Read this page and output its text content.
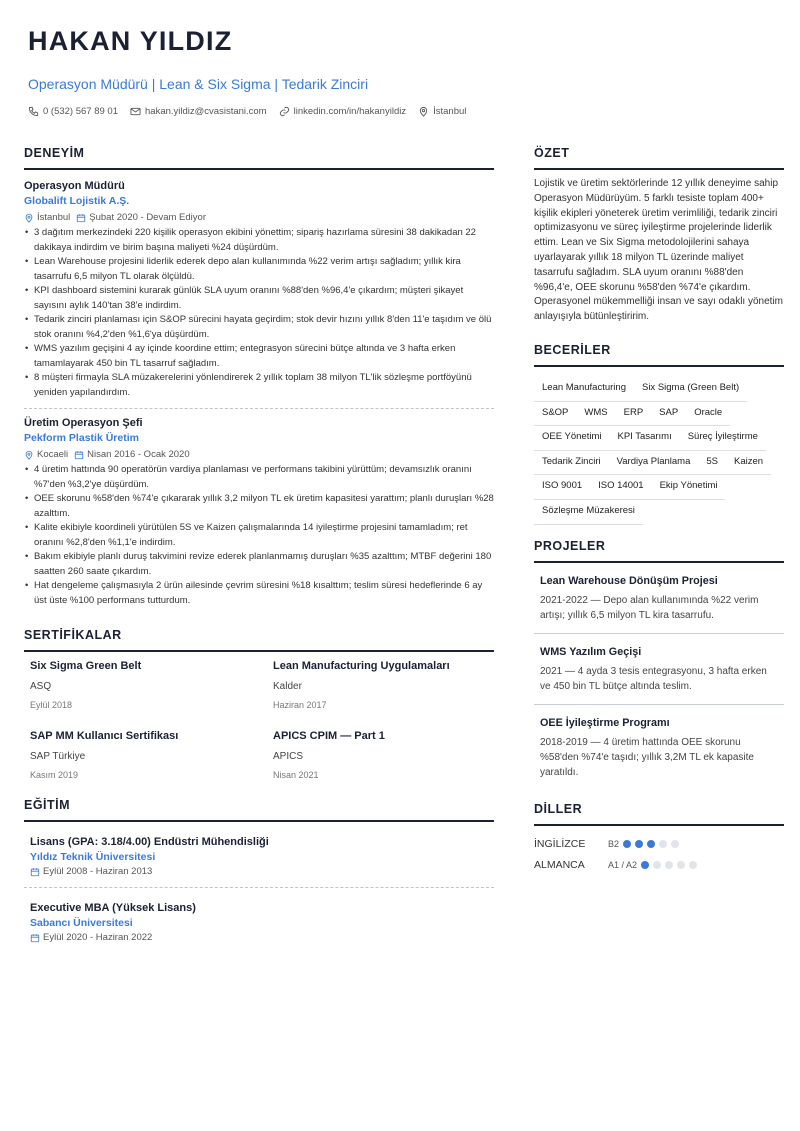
HAKAN YILDIZ
Operasyon Müdürü | Lean & Six Sigma | Tedarik Zinciri
0 (532) 567 89 01	hakan.yildiz@cvasistani.com	linkedin.com/in/hakanyildiz	İstanbul
DENEYİM
Operasyon Müdürü
Globalift Lojistik A.Ş.
İstanbul Şubat 2020 - Devam Ediyor
• 3 dağıtım merkezindeki 220 kişilik operasyon ekibini yönettim; sipariş hazırlama süresini 38 dakikadan 22 dakikaya indirdim ve birim başına maliyeti %24 düşürdüm.
• Lean Warehouse projesini liderlik ederek depo alan kullanımında %22 verim artışı sağladım; yıllık kira tasarrufu 6,5 milyon TL olarak ölçüldü.
• KPI dashboard sistemini kurarak günlük SLA uyum oranını %88'den %96,4'e çıkardım; müşteri şikayet sayısını aylık 140'tan 38'e indirdim.
• Tedarik zinciri planlaması için S&OP sürecini hayata geçirdim; stok devir hızını yıllık 8'den 11'e taşıdım ve ölü stok oranını %4,2'den %1,6'ya düşürdüm.
• WMS yazılım geçişini 4 ay içinde koordine ettim; entegrasyon sürecini bütçe altında ve 3 hafta erken tamamlayarak 450 bin TL tasarruf sağladım.
• 8 müşteri firmayla SLA müzakerelerini yönlendirerek 2 yıllık toplam 38 milyon TL'lik sözleşme portföyünü yeniden yapılandırdım.
Üretim Operasyon Şefi
Pekform Plastik Üretim
Kocaeli Nisan 2016 - Ocak 2020
• 4 üretim hattında 90 operatörün vardiya planlaması ve performans takibini yürüttüm; devamsızlık oranını %7'den %3,2'ye düşürdüm.
• OEE skorunu %58'den %74'e çıkararak yıllık 3,2 milyon TL ek üretim kapasitesi yarattım; planlı duruşları %28 azalttım.
• Kalite ekibiyle koordineli yürütülen 5S ve Kaizen çalışmalarında 14 iyileştirme projesini tamamladım; ret oranını %2,8'den %1,1'e indirdim.
• Bakım ekibiyle planlı duruş takvimini revize ederek planlanmamış duruşları %35 azalttım; MTBF değerini 180 saatten 260 saate çıkardım.
• Hat dengeleme çalışmasıyla 2 ürün ailesinde çevrim süresini %18 kısalttım; teslim süresi hedeflerinde 6 ay üst üste %100 performans tutturdum.
SERTİFİKALAR
Six Sigma Green Belt
ASQ
Eylül 2018
Lean Manufacturing Uygulamaları
Kalder
Haziran 2017
SAP MM Kullanıcı Sertifikası
SAP Türkiye
Kasım 2019
APICS CPIM — Part 1
APICS
Nisan 2021
EĞİTİM
Lisans (GPA: 3.18/4.00) Endüstri Mühendisliği
Yıldız Teknik Üniversitesi
Eylül 2008 - Haziran 2013
Executive MBA (Yüksek Lisans)
Sabancı Üniversitesi
Eylül 2020 - Haziran 2022
ÖZET
Lojistik ve üretim sektörlerinde 12 yıllık deneyime sahip Operasyon Müdürüyüm. 5 farklı tesiste toplam 400+ kişilik ekipleri yöneterek üretim verimliliği, tedarik zinciri optimizasyonu ve süreç iyileştirme projelerinde liderlik ettim. Lean ve Six Sigma metodolojilerini sahaya uyarlayarak yıllık 18 milyon TL üzerinde maliyet tasarrufu sağladım. SLA uyum oranını %88'den %96,4'e, OEE skorunu %58'den %74'e çıkardım. Operasyonel mükemmelliği insan ve sayı odaklı yönetim anlayışıyla bütünleştiririm.
BECERİLER
Lean Manufacturing	Six Sigma (Green Belt)
S&OP	WMS	ERP	SAP	Oracle
OEE Yönetimi	KPI Tasarımı	Süreç İyileştirme
Tedarik Zinciri	Vardiya Planlama	5S	Kaizen
ISO 9001	ISO 14001	Ekip Yönetimi
Sözleşme Müzakeresi
PROJELER
Lean Warehouse Dönüşüm Projesi
2021-2022 — Depo alan kullanımında %22 verim artışı; yıllık 6,5 milyon TL kira tasarrufu.
WMS Yazılım Geçişi
2021 — 4 ayda 3 tesis entegrasyonu, 3 hafta erken ve 450 bin TL bütçe altında teslim.
OEE İyileştirme Programı
2018-2019 — 4 üretim hattında OEE skorunu %58'den %74'e taşıdı; yıllık 3,2M TL ek kapasite yaratıldı.
DİLLER
İNGİLİZCE	B2
ALMANCA	A1 / A2
